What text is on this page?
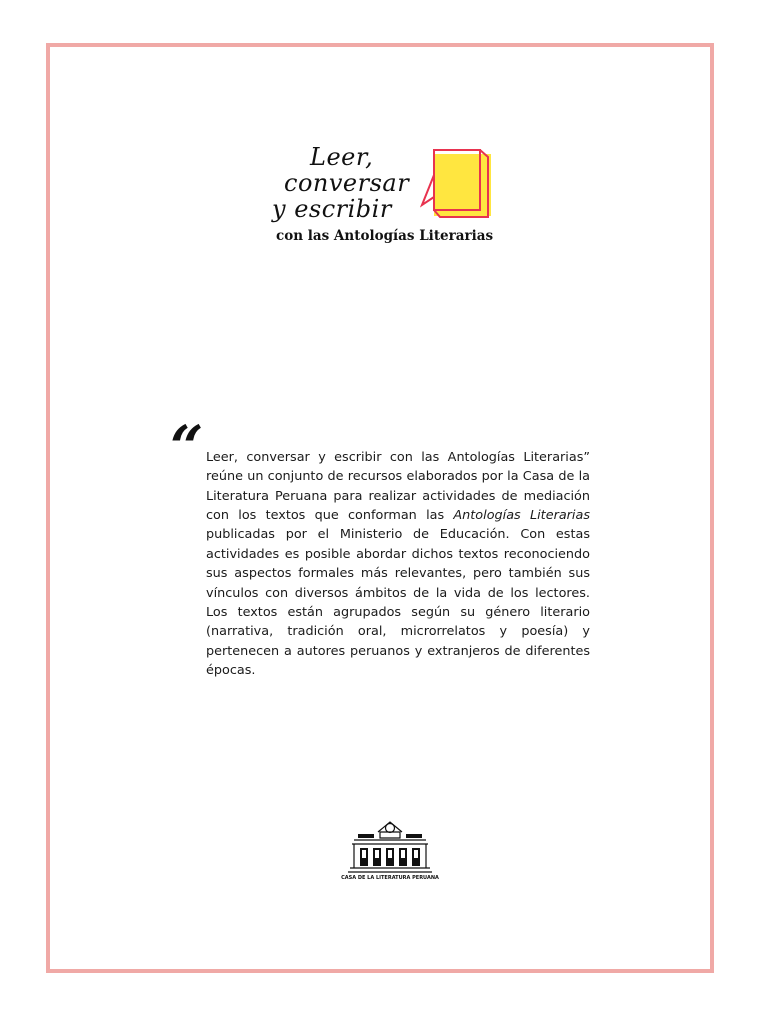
Leer,
conversar
y escribir
con las Antologías Literarias
“ Leer, conversar y escribir con las Antologías Literarias” reúne un conjunto de recursos elaborados por la Casa de la Literatura Peruana para realizar actividades de mediación con los textos que conforman las Antologías Literarias publicadas por el Ministerio de Educación. Con estas actividades es posible abordar dichos textos reconociendo sus aspectos formales más relevantes, pero también sus vínculos con diversos ámbitos de la vida de los lectores. Los textos están agrupados según su género literario (narrativa, tradición oral, microrrelatos y poesía) y pertenecen a autores peruanos y extranjeros de diferentes épocas.

CASA DE LA LITERATURA PERUANA
